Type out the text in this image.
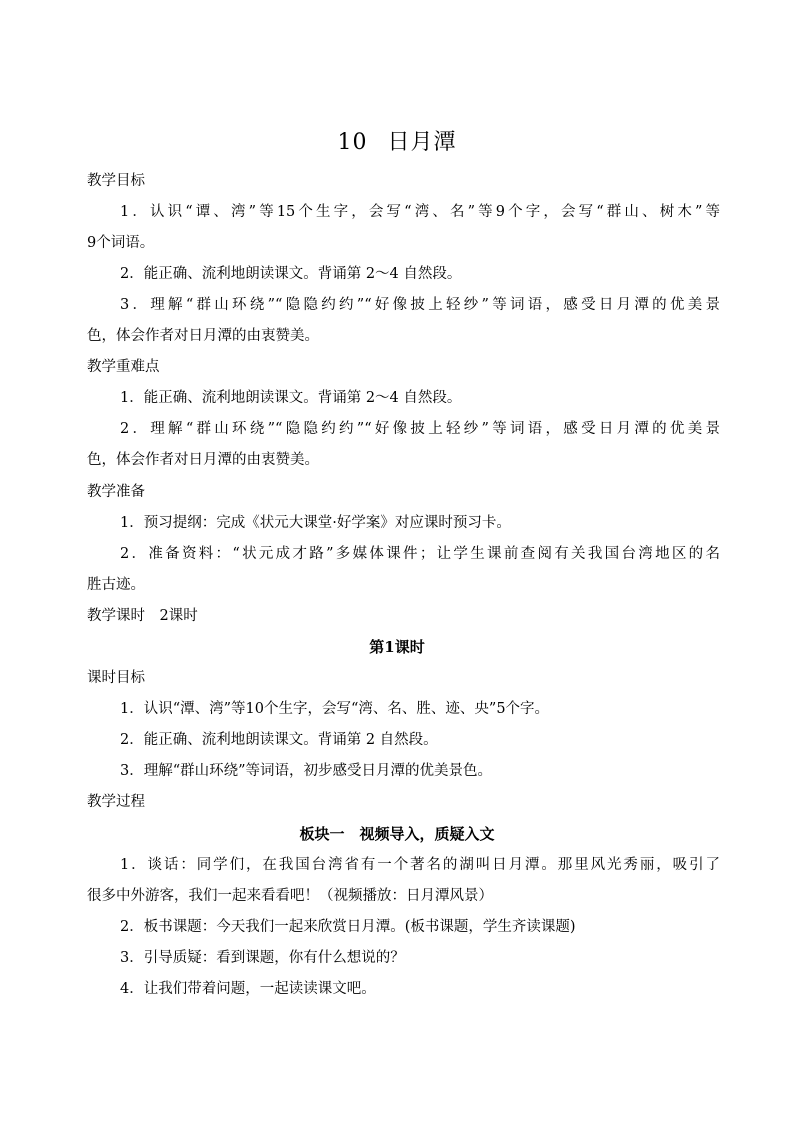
10 日月潭
教学目标
1．认识“谭、湾”等15个生字，会写“湾、名”等9个字，会写“群山、树木”等
9个词语。
2．能正确、流利地朗读课文。背诵第 2～4 自然段。
3．理解“群山环绕”“隐隐约约”“好像披上轻纱”等词语，感受日月潭的优美景
色，体会作者对日月潭的由衷赞美。
教学重难点
1．能正确、流利地朗读课文。背诵第 2～4 自然段。
2．理解“群山环绕”“隐隐约约”“好像披上轻纱”等词语，感受日月潭的优美景
色，体会作者对日月潭的由衷赞美。
教学准备
1．预习提纲：完成《状元大课堂·好学案》对应课时预习卡。
2．准备资料：“状元成才路”多媒体课件；让学生课前查阅有关我国台湾地区的名
胜古迹。
教学课时　2课时
第1课时
课时目标
1．认识“潭、湾”等10个生字，会写“湾、名、胜、迹、央”5个字。
2．能正确、流利地朗读课文。背诵第 2 自然段。
3．理解“群山环绕”等词语，初步感受日月潭的优美景色。
教学过程
板块一　视频导入，质疑入文
1．谈话：同学们，在我国台湾省有一个著名的湖叫日月潭。那里风光秀丽，吸引了
很多中外游客，我们一起来看看吧！（视频播放：日月潭风景）
2．板书课题：今天我们一起来欣赏日月潭。(板书课题，学生齐读课题)
3．引导质疑：看到课题，你有什么想说的？
4．让我们带着问题，一起读读课文吧。
